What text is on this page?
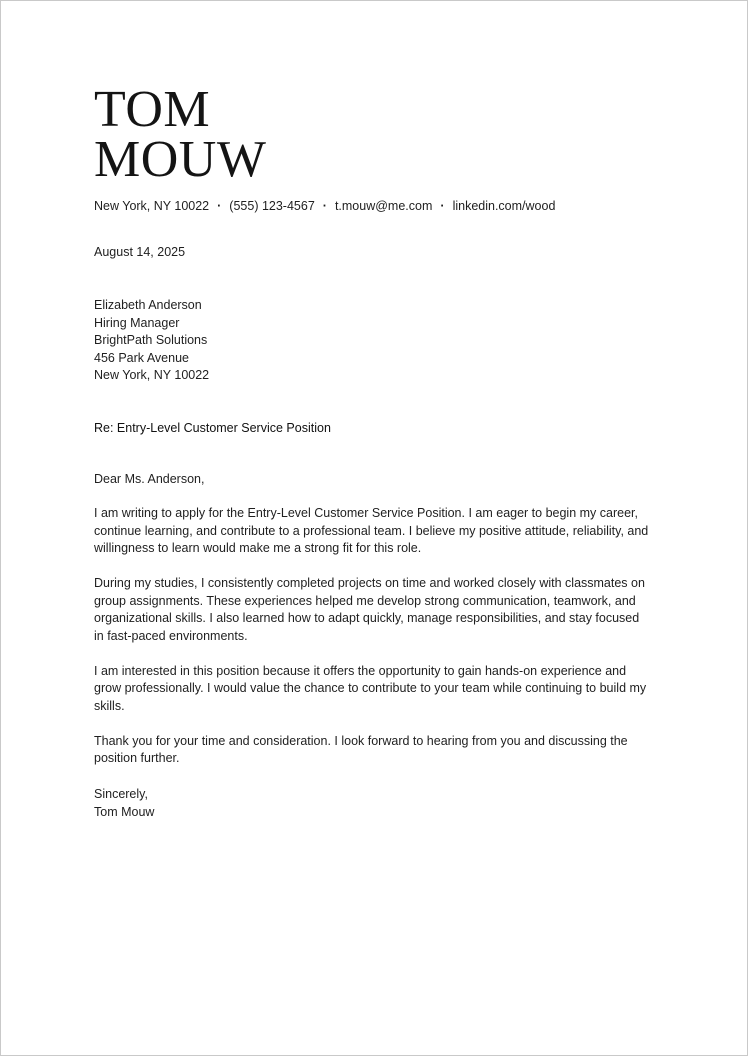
TOM
MOUW
New York, NY 10022 · (555) 123-4567 · t.mouw@me.com · linkedin.com/wood
August 14, 2025
Elizabeth Anderson
Hiring Manager
BrightPath Solutions
456 Park Avenue
New York, NY 10022
Re: Entry-Level Customer Service Position
Dear Ms. Anderson,

I am writing to apply for the Entry-Level Customer Service Position. I am eager to begin my career, continue learning, and contribute to a professional team. I believe my positive attitude, reliability, and willingness to learn would make me a strong fit for this role.

During my studies, I consistently completed projects on time and worked closely with classmates on group assignments. These experiences helped me develop strong communication, teamwork, and organizational skills. I also learned how to adapt quickly, manage responsibilities, and stay focused in fast-paced environments.

I am interested in this position because it offers the opportunity to gain hands-on experience and grow professionally. I would value the chance to contribute to your team while continuing to build my skills.

Thank you for your time and consideration. I look forward to hearing from you and discussing the position further.

Sincerely,
Tom Mouw
